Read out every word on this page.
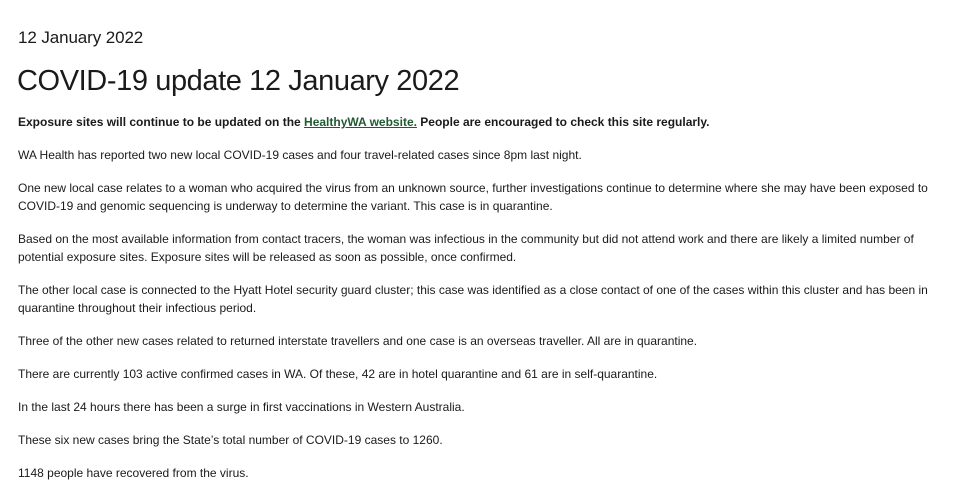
12 January 2022
COVID-19 update 12 January 2022

Exposure sites will continue to be updated on the HealthyWA website. People are encouraged to check this site regularly.

WA Health has reported two new local COVID-19 cases and four travel-related cases since 8pm last night.

One new local case relates to a woman who acquired the virus from an unknown source, further investigations continue to determine where she may have been exposed to COVID-19 and genomic sequencing is underway to determine the variant. This case is in quarantine.

Based on the most available information from contact tracers, the woman was infectious in the community but did not attend work and there are likely a limited number of potential exposure sites. Exposure sites will be released as soon as possible, once confirmed.

The other local case is connected to the Hyatt Hotel security guard cluster; this case was identified as a close contact of one of the cases within this cluster and has been in quarantine throughout their infectious period.

Three of the other new cases related to returned interstate travellers and one case is an overseas traveller. All are in quarantine.

There are currently 103 active confirmed cases in WA. Of these, 42 are in hotel quarantine and 61 are in self-quarantine.

In the last 24 hours there has been a surge in first vaccinations in Western Australia.

These six new cases bring the State’s total number of COVID-19 cases to 1260.

1148 people have recovered from the virus.
